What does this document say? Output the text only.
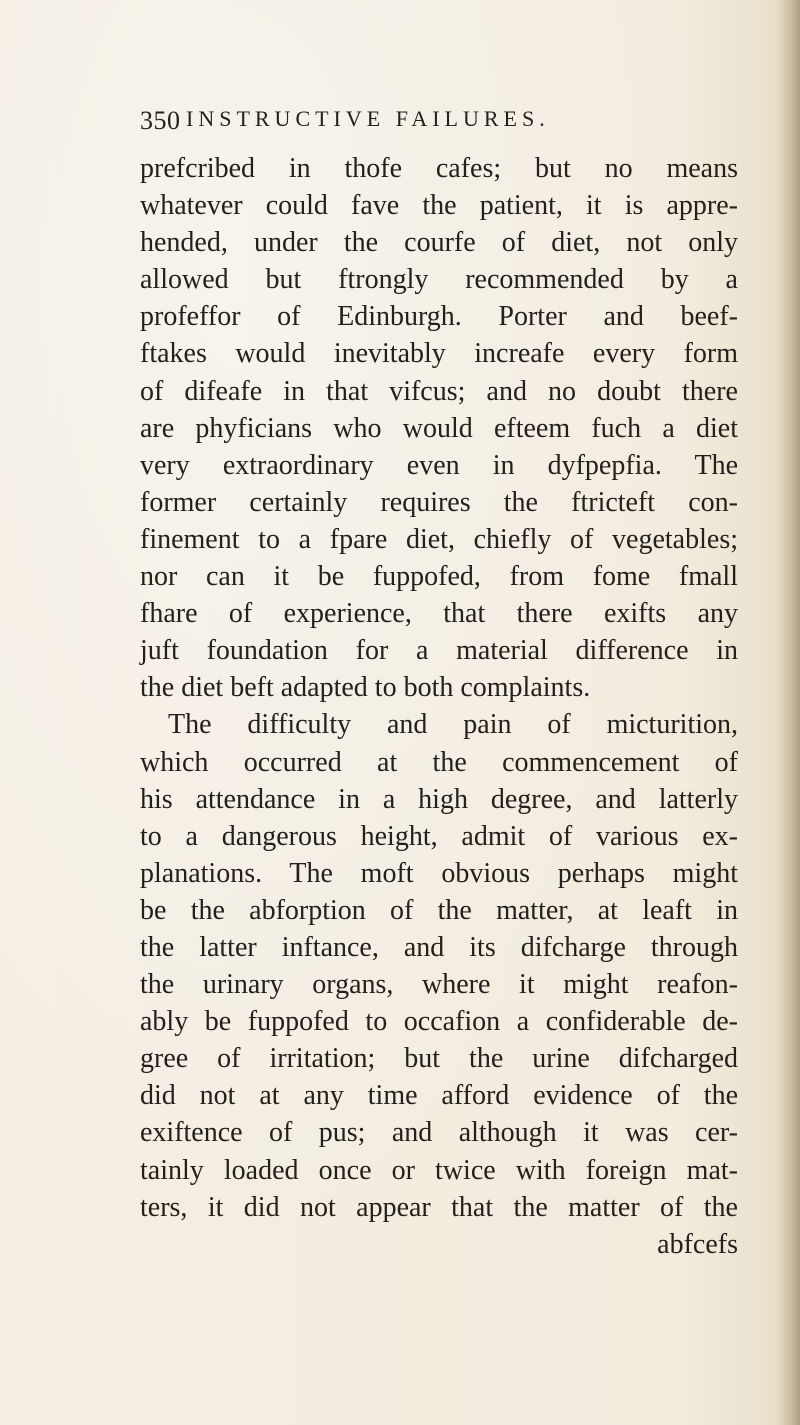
350 INSTRUCTIVE FAILURES.
prefcribed in thofe cafes; but no means
whatever could fave the patient, it is appre-
hended, under the courfe of diet, not only
allowed but ftrongly recommended by a
profeffor of Edinburgh. Porter and beef-
ftakes would inevitably increafe every form
of difeafe in that vifcus; and no doubt there
are phyficians who would efteem fuch a diet
very extraordinary even in dyfpepfia. The
former certainly requires the ftricteft con-
finement to a fpare diet, chiefly of vegetables;
nor can it be fuppofed, from fome fmall
fhare of experience, that there exifts any
juft foundation for a material difference in
the diet beft adapted to both complaints.
The difficulty and pain of micturition,
which occurred at the commencement of
his attendance in a high degree, and latterly
to a dangerous height, admit of various ex-
planations. The moft obvious perhaps might
be the abforption of the matter, at leaft in
the latter inftance, and its difcharge through
the urinary organs, where it might reafon-
ably be fuppofed to occafion a confiderable de-
gree of irritation; but the urine difcharged
did not at any time afford evidence of the
exiftence of pus; and although it was cer-
tainly loaded once or twice with foreign mat-
ters, it did not appear that the matter of the
abfcefs
